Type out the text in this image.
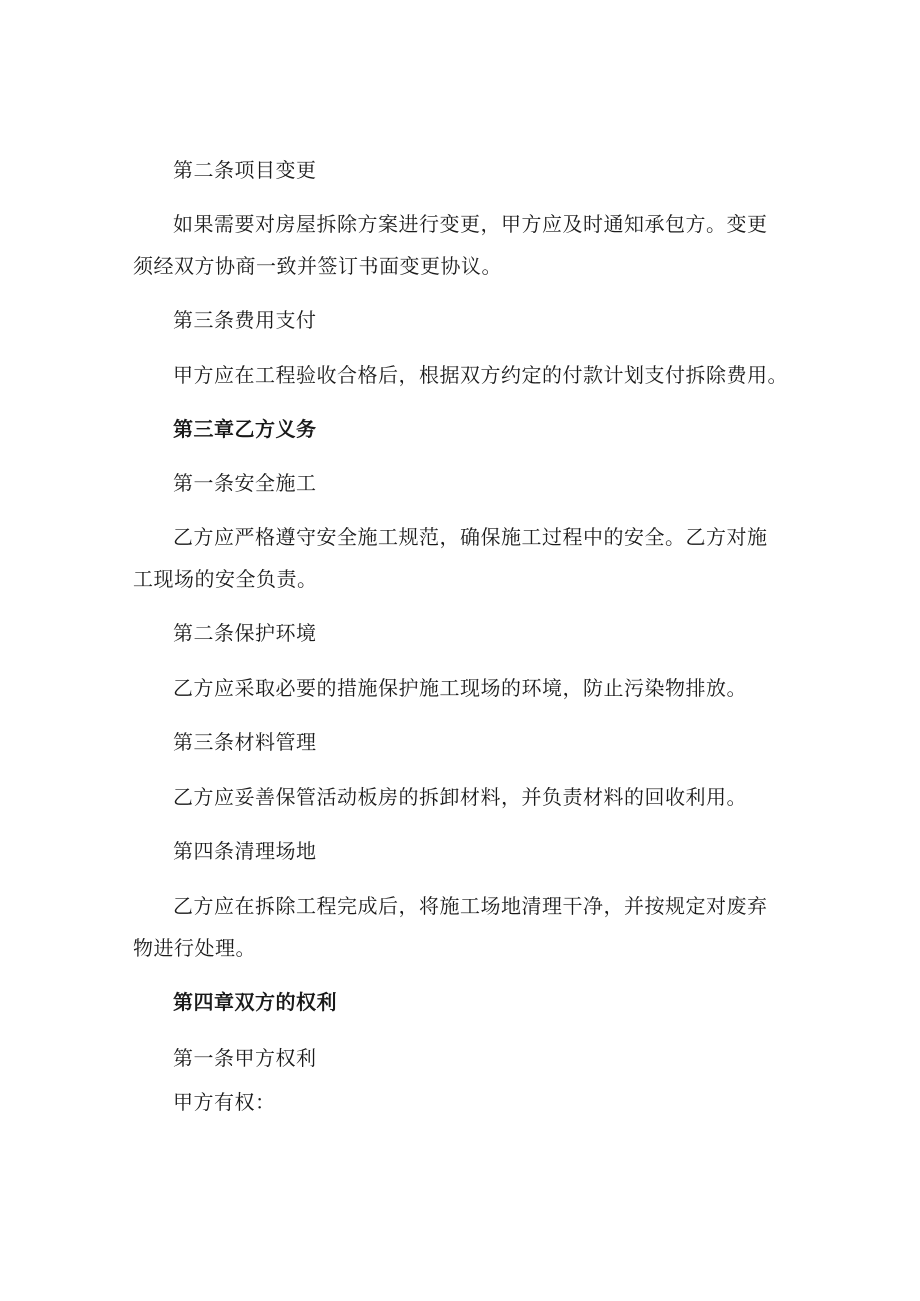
第二条项目变更
如果需要对房屋拆除方案进行变更，甲方应及时通知承包方。变更
须经双方协商一致并签订书面变更协议。
第三条费用支付
甲方应在工程验收合格后，根据双方约定的付款计划支付拆除费用。
第三章乙方义务
第一条安全施工
乙方应严格遵守安全施工规范，确保施工过程中的安全。乙方对施
工现场的安全负责。
第二条保护环境
乙方应采取必要的措施保护施工现场的环境，防止污染物排放。
第三条材料管理
乙方应妥善保管活动板房的拆卸材料，并负责材料的回收利用。
第四条清理场地
乙方应在拆除工程完成后，将施工场地清理干净，并按规定对废弃
物进行处理。
第四章双方的权利
第一条甲方权利
甲方有权：
